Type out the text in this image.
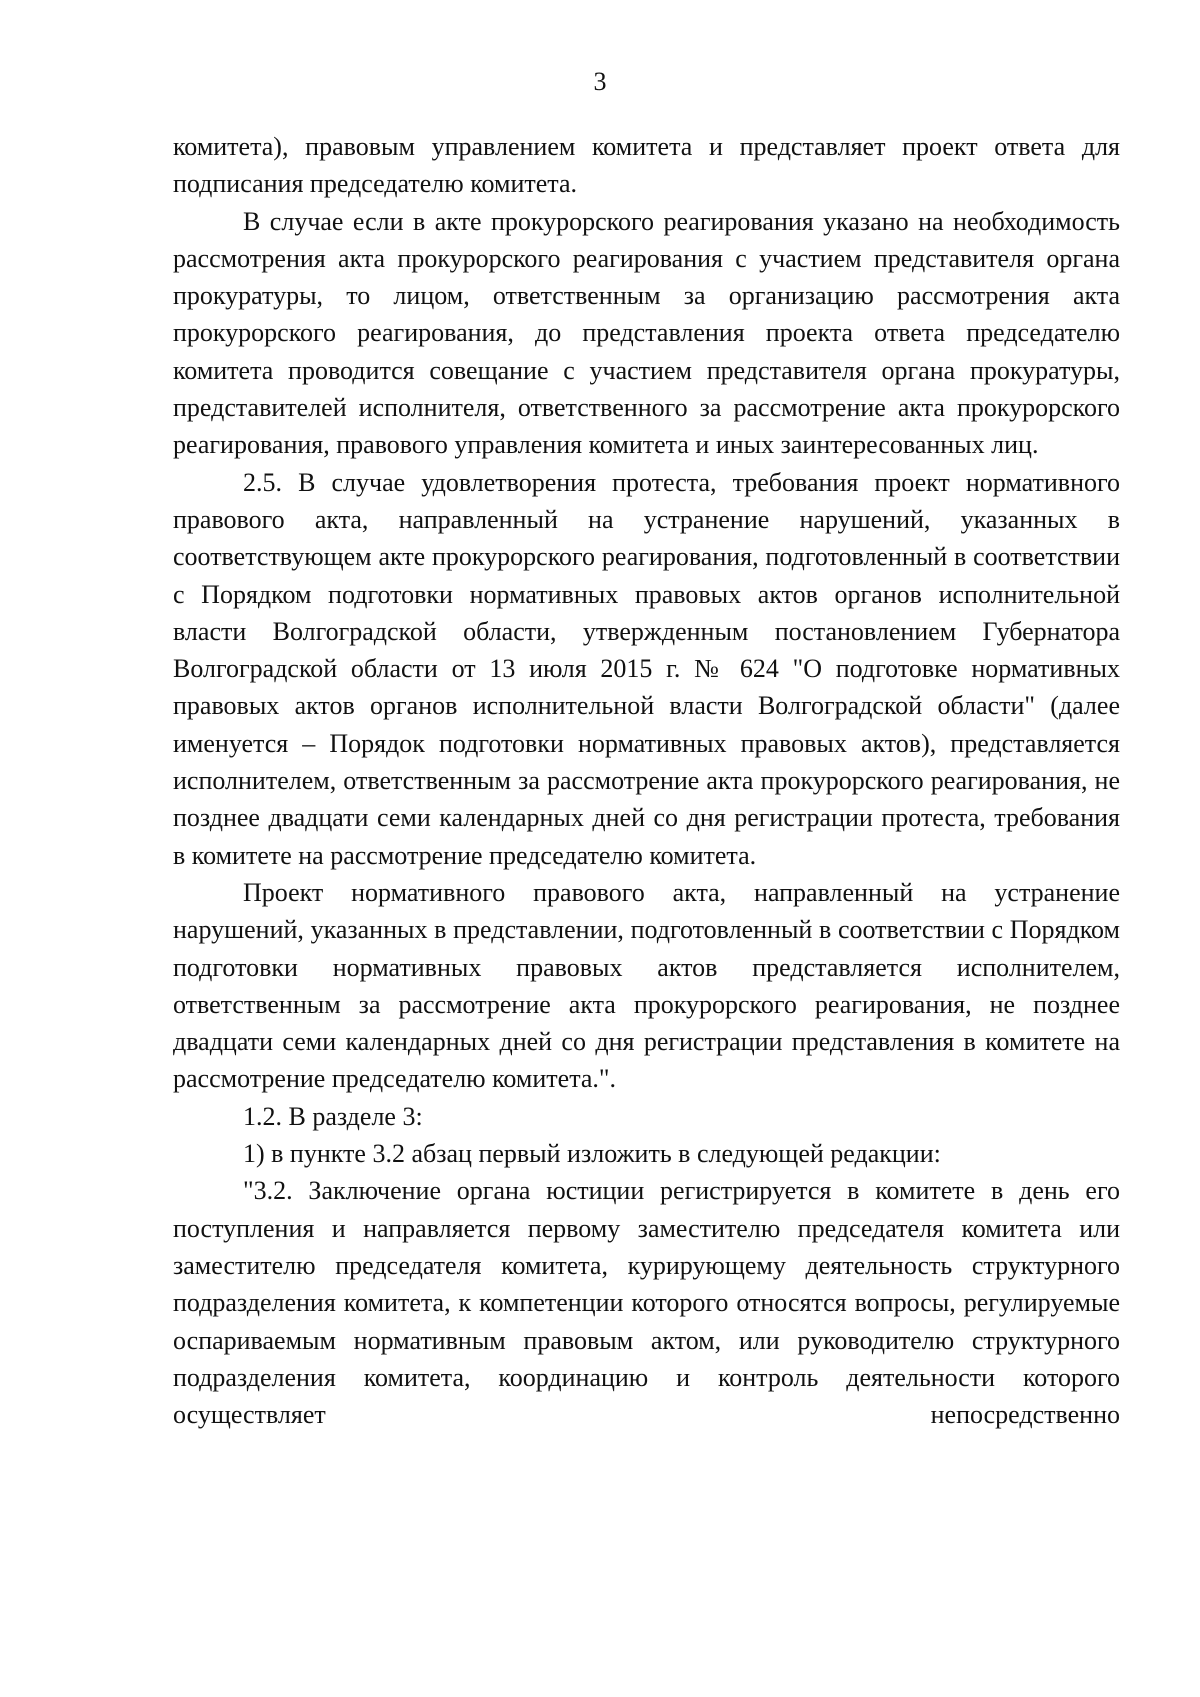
3

комитета), правовым управлением комитета и представляет проект ответа для подписания председателю комитета.

В случае если в акте прокурорского реагирования указано на необходимость рассмотрения акта прокурорского реагирования с участием представителя органа прокуратуры, то лицом, ответственным за организацию рассмотрения акта прокурорского реагирования, до представления проекта ответа председателю комитета проводится совещание с участием представителя органа прокуратуры, представителей исполнителя, ответственного за рассмотрение акта прокурорского реагирования, правового управления комитета и иных заинтересованных лиц.

2.5. В случае удовлетворения протеста, требования проект нормативного правового акта, направленный на устранение нарушений, указанных в соответствующем акте прокурорского реагирования, подготовленный в соответствии с Порядком подготовки нормативных правовых актов органов исполнительной власти Волгоградской области, утвержденным постановлением Губернатора Волгоградской области от 13 июля 2015 г. № 624 "О подготовке нормативных правовых актов органов исполнительной власти Волгоградской области" (далее именуется – Порядок подготовки нормативных правовых актов), представляется исполнителем, ответственным за рассмотрение акта прокурорского реагирования, не позднее двадцати семи календарных дней со дня регистрации протеста, требования в комитете на рассмотрение председателю комитета.

Проект нормативного правового акта, направленный на устранение нарушений, указанных в представлении, подготовленный в соответствии с Порядком подготовки нормативных правовых актов представляется исполнителем, ответственным за рассмотрение акта прокурорского реагирования, не позднее двадцати семи календарных дней со дня регистрации представления в комитете на рассмотрение председателю комитета.".

1.2. В разделе 3:

1) в пункте 3.2 абзац первый изложить в следующей редакции:

"3.2. Заключение органа юстиции регистрируется в комитете в день его поступления и направляется первому заместителю председателя комитета или заместителю председателя комитета, курирующему деятельность структурного подразделения комитета, к компетенции которого относятся вопросы, регулируемые оспариваемым нормативным правовым актом, или руководителю структурного подразделения комитета, координацию и контроль деятельности которого осуществляет непосредственно
